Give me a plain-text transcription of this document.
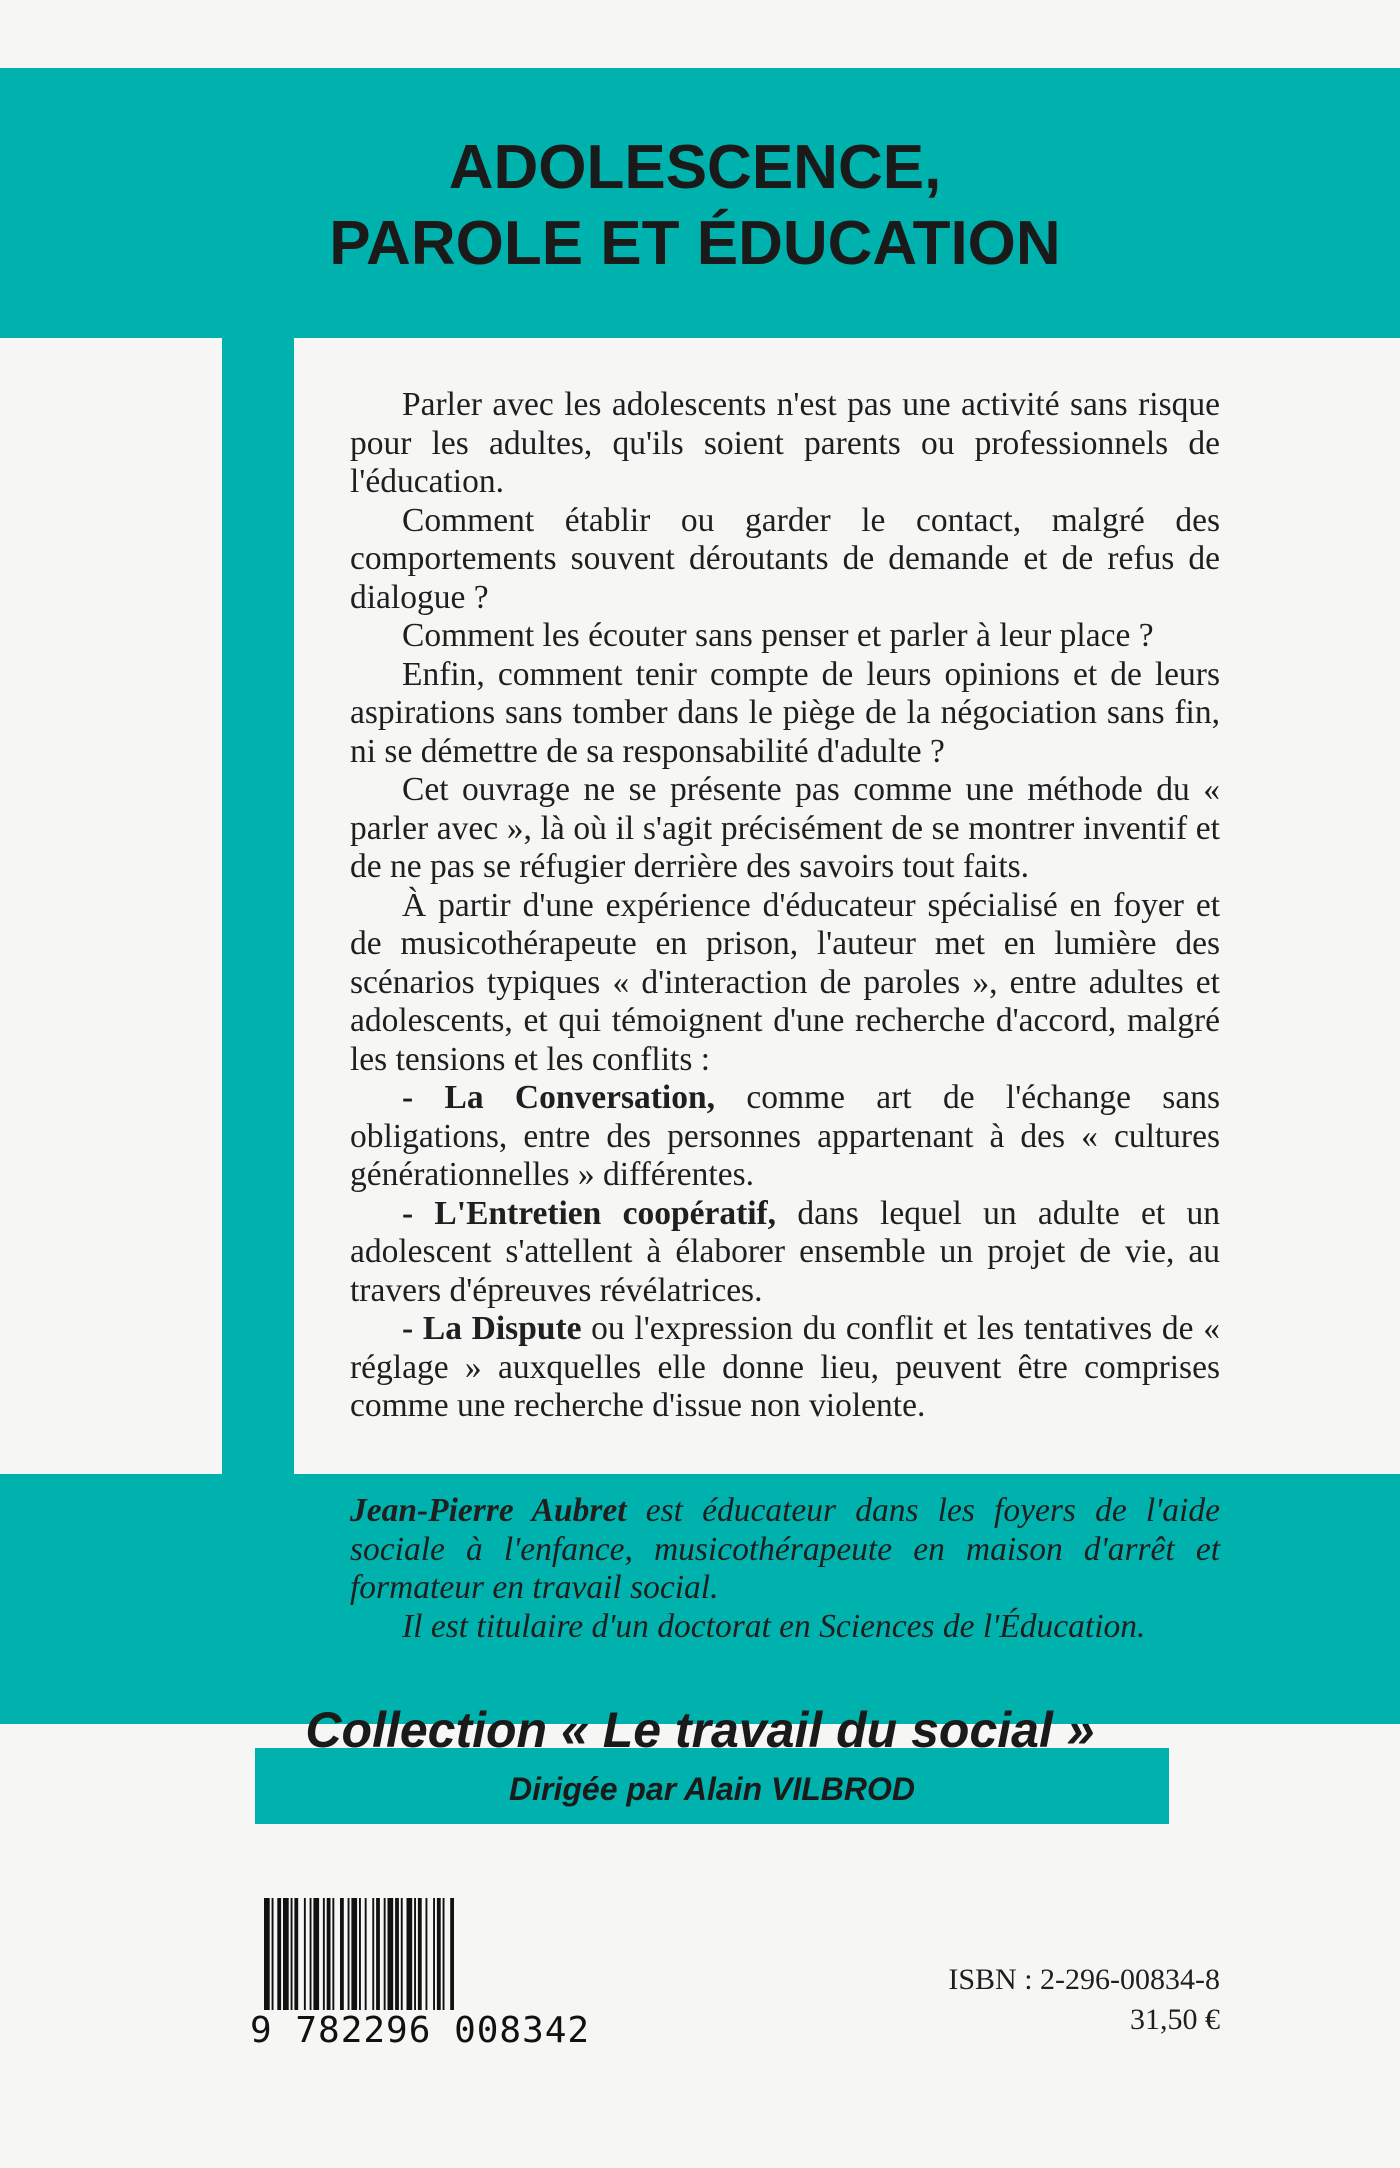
ADOLESCENCE,
PAROLE ET ÉDUCATION

Parler avec les adolescents n'est pas une activité sans risque pour les adultes, qu'ils soient parents ou professionnels de l'éducation.

Comment établir ou garder le contact, malgré des comportements souvent déroutants de demande et de refus de dialogue ?

Comment les écouter sans penser et parler à leur place ?

Enfin, comment tenir compte de leurs opinions et de leurs aspirations sans tomber dans le piège de la négociation sans fin, ni se démettre de sa responsabilité d'adulte ?

Cet ouvrage ne se présente pas comme une méthode du « parler avec », là où il s'agit précisément de se montrer inventif et de ne pas se réfugier derrière des savoirs tout faits.

À partir d'une expérience d'éducateur spécialisé en foyer et de musicothérapeute en prison, l'auteur met en lumière des scénarios typiques « d'interaction de paroles », entre adultes et adolescents, et qui témoignent d'une recherche d'accord, malgré les tensions et les conflits :

- La Conversation, comme art de l'échange sans obligations, entre des personnes appartenant à des « cultures générationnelles » différentes.

- L'Entretien coopératif, dans lequel un adulte et un adolescent s'attellent à élaborer ensemble un projet de vie, au travers d'épreuves révélatrices.

- La Dispute ou l'expression du conflit et les tentatives de « réglage » auxquelles elle donne lieu, peuvent être comprises comme une recherche d'issue non violente.

Jean-Pierre Aubret est éducateur dans les foyers de l'aide sociale à l'enfance, musicothérapeute en maison d'arrêt et formateur en travail social.

Il est titulaire d'un doctorat en Sciences de l'Éducation.

Collection « Le travail du social »
Dirigée par Alain VILBROD
9 782296 008342
ISBN : 2-296-00834-8
31,50 €
